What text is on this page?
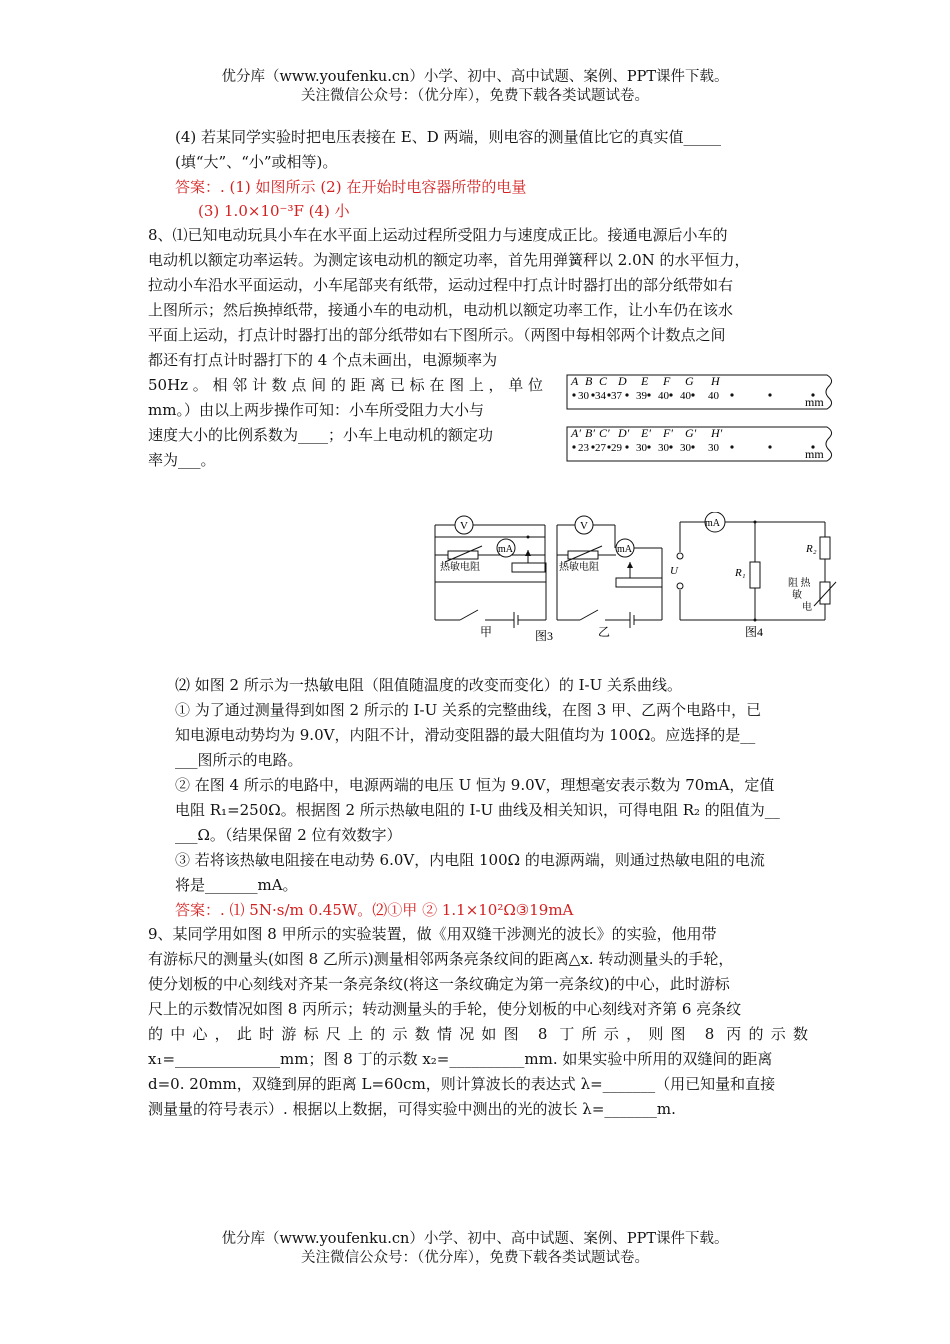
优分库（www.youfenku.cn）小学、初中、高中试题、案例、PPT课件下载。
关注微信公众号：（优分库），免费下载各类试题试卷。
(4) 若某同学实验时把电压表接在 E、D 两端，则电容的测量值比它的真实值_____
(填“大”、“小”或相等)。
答案：. (1) 如图所示 (2) 在开始时电容器所带的电量
(3) 1.0×10⁻³F (4) 小
8、⑴已知电动玩具小车在水平面上运动过程所受阻力与速度成正比。接通电源后小车的
电动机以额定功率运转。为测定该电动机的额定功率，首先用弹簧秤以 2.0N 的水平恒力，
拉动小车沿水平面运动，小车尾部夹有纸带，运动过程中打点计时器打出的部分纸带如右
上图所示；然后换掉纸带，接通小车的电动机，电动机以额定功率工作，让小车仍在该水
平面上运动，打点计时器打出的部分纸带如右下图所示。（两图中每相邻两个计数点之间
都还有打点计时器打下的 4 个点未画出，电源频率为
50Hz。相邻计数点间的距离已标在图上，单位
mm。）由以上两步操作可知：小车所受阻力大小与
速度大小的比例系数为____；小车上电动机的额定功
率为___。
A B C D E F G H
30 34 37 39 40 40 40	mm
A′ B′ C′ D′ E′ F′ G′ H′
23 27 29 30 30 30 30	mm
V
mA
热敏电阻
甲
V
mA
热敏电阻
乙
图3
mA
U	R₁
R₂
阻 热
敏
电
图4
⑵ 如图 2 所示为一热敏电阻（阻值随温度的改变而变化）的 I-U 关系曲线。
① 为了通过测量得到如图 2 所示的 I-U 关系的完整曲线，在图 3 甲、乙两个电路中，已
知电源电动势均为 9.0V，内阻不计，滑动变阻器的最大阻值均为 100Ω。应选择的是__
___图所示的电路。
② 在图 4 所示的电路中，电源两端的电压 U 恒为 9.0V，理想毫安表示数为 70mA，定值
电阻 R₁=250Ω。根据图 2 所示热敏电阻的 I-U 曲线及相关知识，可得电阻 R₂ 的阻值为__
___Ω。（结果保留 2 位有效数字）
③ 若将该热敏电阻接在电动势 6.0V，内电阻 100Ω 的电源两端，则通过热敏电阻的电流
将是_______mA。
答案：. ⑴ 5N·s/m 0.45W。⑵①甲 ② 1.1×10²Ω③19mA
9、某同学用如图 8 甲所示的实验装置，做《用双缝干涉测光的波长》的实验，他用带
有游标尺的测量头(如图 8 乙所示)测量相邻两条亮条纹间的距离△x. 转动测量头的手轮，
使分划板的中心刻线对齐某一条亮条纹(将这一条纹确定为第一亮条纹)的中心，此时游标
尺上的示数情况如图 8 丙所示；转动测量头的手轮，使分划板的中心刻线对齐第 6 亮条纹
的中心，此时游标尺上的示数情况如图 8 丁所示，则图 8 丙的示数
x₁=______________mm；图 8 丁的示数 x₂=__________mm. 如果实验中所用的双缝间的距离
d=0. 20mm，双缝到屏的距离 L=60cm，则计算波长的表达式 λ=_______（用已知量和直接
测量量的符号表示）. 根据以上数据，可得实验中测出的光的波长 λ=_______m.
优分库（www.youfenku.cn）小学、初中、高中试题、案例、PPT课件下载。
关注微信公众号：（优分库），免费下载各类试题试卷。
